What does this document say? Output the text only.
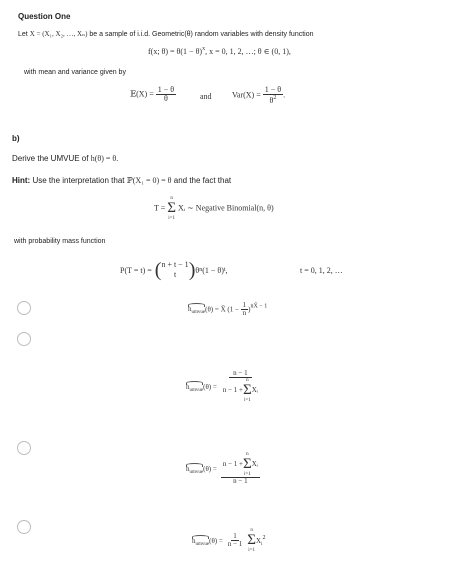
Question One
Let X = (X₁, X₂, …, Xₙ) be a sample of i.i.d. Geometric(θ) random variables with density function
f(x; $\theta) = \theta(1 - \theta)^x$, x = 0, 1, 2, …; θ ∈ (0, 1),
with mean and variance given by
𝔼(X) = $\frac{1 - \theta}{\theta}$	and	$Var(X) = \frac{1 - \theta}{\theta^2}$ .
b)
Derive the UMVUE of h(θ) = θ.
Hint: Use the interpretation that ℙ(X₁ = 0) = θ and the fact that
T =
n
Σ
i=1
Xᵢ ∼ Negative Binomial(n, θ)
with probability mass function
P(T = t) = ( n + t − 1
t ) θ n (1 − θ) t ,	t = 0, 1, 2, …
$h_{umvue}(\theta)$ = X̄ ($1 - \frac{1}{n}$ )nX̄ − 1
$h_{umvue}$ (θ) = n − 1
n − 1 +
n
Σ
i=1
Xᵢ
$h_{umvue}$ (θ) = n − 1 +
n
Σ
i=1
Xᵢ
n − 1
$h_{umvue}$ $(\theta) = \frac{1}{n - 1}$
n
Σ
i=1
$X_i2$
